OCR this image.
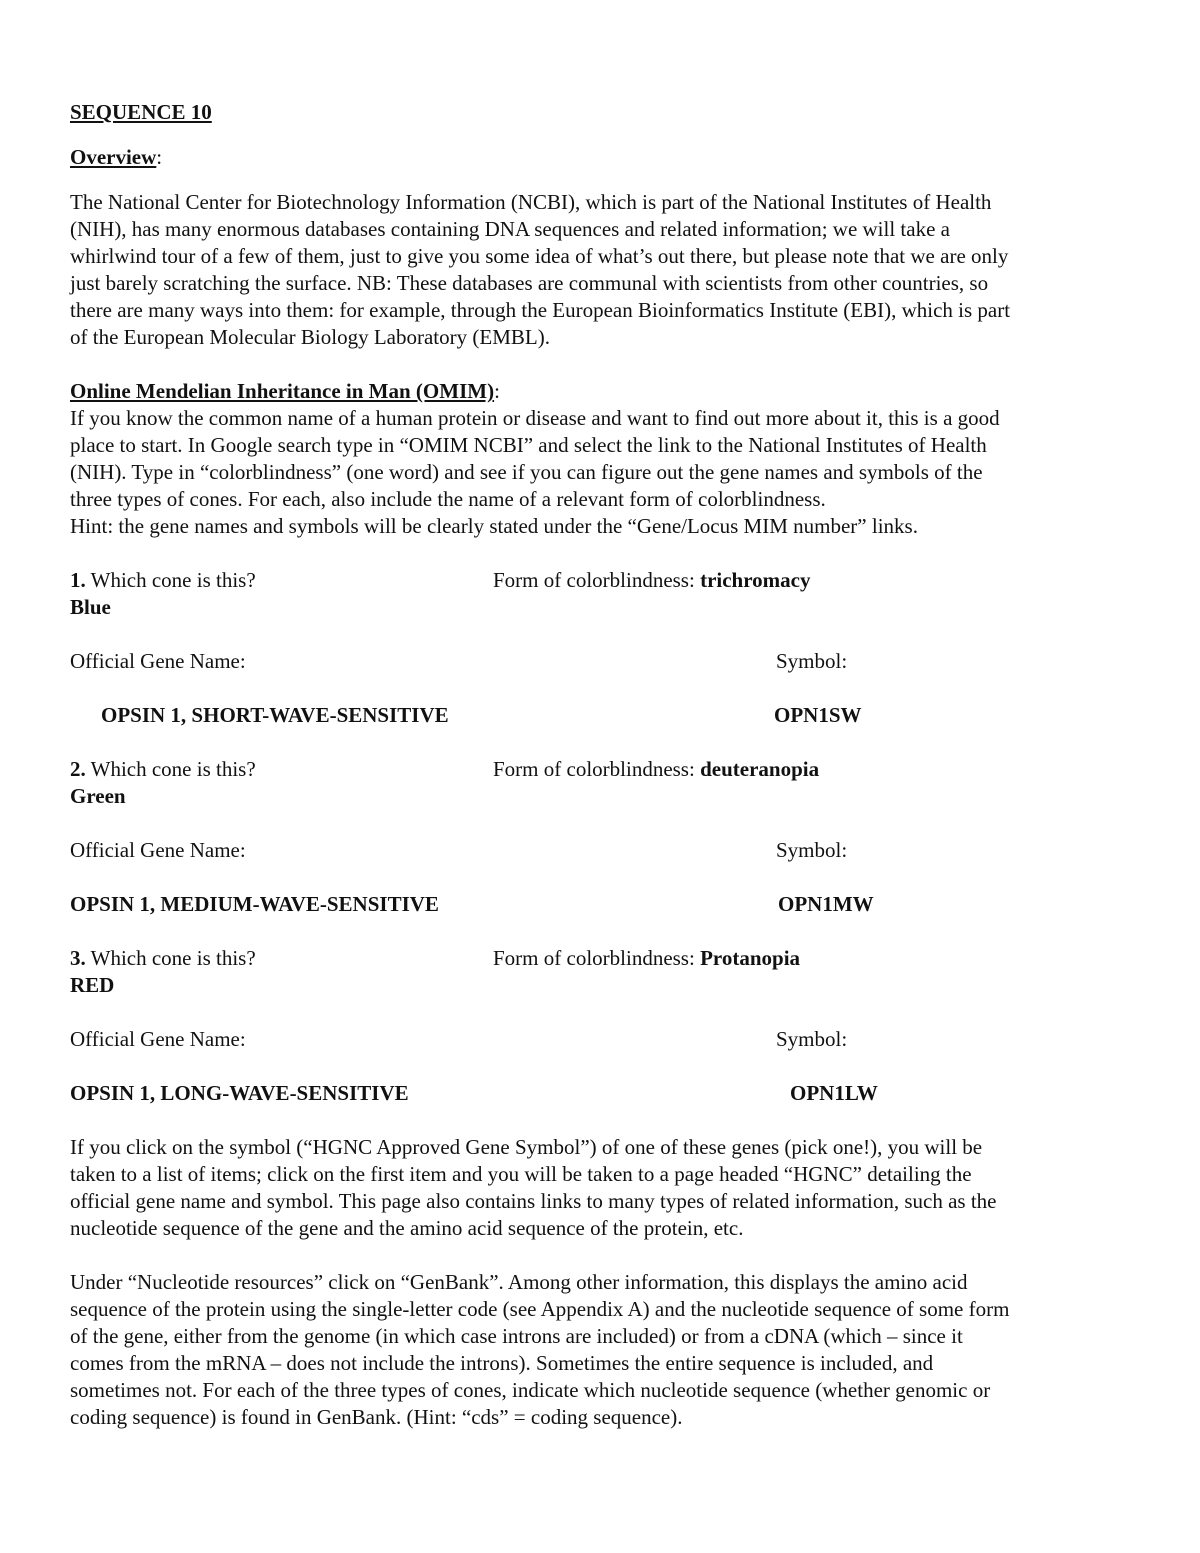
SEQUENCE 10
Overview:
The National Center for Biotechnology Information (NCBI), which is part of the National Institutes of Health
(NIH), has many enormous databases containing DNA sequences and related information; we will take a
whirlwind tour of a few of them, just to give you some idea of what’s out there, but please note that we are only
just barely scratching the surface. NB: These databases are communal with scientists from other countries, so
there are many ways into them: for example, through the European Bioinformatics Institute (EBI), which is part
of the European Molecular Biology Laboratory (EMBL).
Online Mendelian Inheritance in Man (OMIM):
If you know the common name of a human protein or disease and want to find out more about it, this is a good
place to start. In Google search type in “OMIM NCBI” and select the link to the National Institutes of Health
(NIH). Type in “colorblindness” (one word) and see if you can figure out the gene names and symbols of the
three types of cones. For each, also include the name of a relevant form of colorblindness.
Hint: the gene names and symbols will be clearly stated under the “Gene/Locus MIM number” links.
1. Which cone is this?	Form of colorblindness: trichromacy
Blue
Official Gene Name:	Symbol:
OPSIN 1, SHORT-WAVE-SENSITIVE	OPN1SW
2. Which cone is this?	Form of colorblindness: deuteranopia
Green
Official Gene Name:	Symbol:
OPSIN 1, MEDIUM-WAVE-SENSITIVE	OPN1MW
3. Which cone is this?	Form of colorblindness: Protanopia
RED
Official Gene Name:	Symbol:
OPSIN 1, LONG-WAVE-SENSITIVE	OPN1LW
If you click on the symbol (“HGNC Approved Gene Symbol”) of one of these genes (pick one!), you will be
taken to a list of items; click on the first item and you will be taken to a page headed “HGNC” detailing the
official gene name and symbol. This page also contains links to many types of related information, such as the
nucleotide sequence of the gene and the amino acid sequence of the protein, etc.
Under “Nucleotide resources” click on “GenBank”. Among other information, this displays the amino acid
sequence of the protein using the single-letter code (see Appendix A) and the nucleotide sequence of some form
of the gene, either from the genome (in which case introns are included) or from a cDNA (which – since it
comes from the mRNA – does not include the introns). Sometimes the entire sequence is included, and
sometimes not. For each of the three types of cones, indicate which nucleotide sequence (whether genomic or
coding sequence) is found in GenBank. (Hint: “cds” = coding sequence).
